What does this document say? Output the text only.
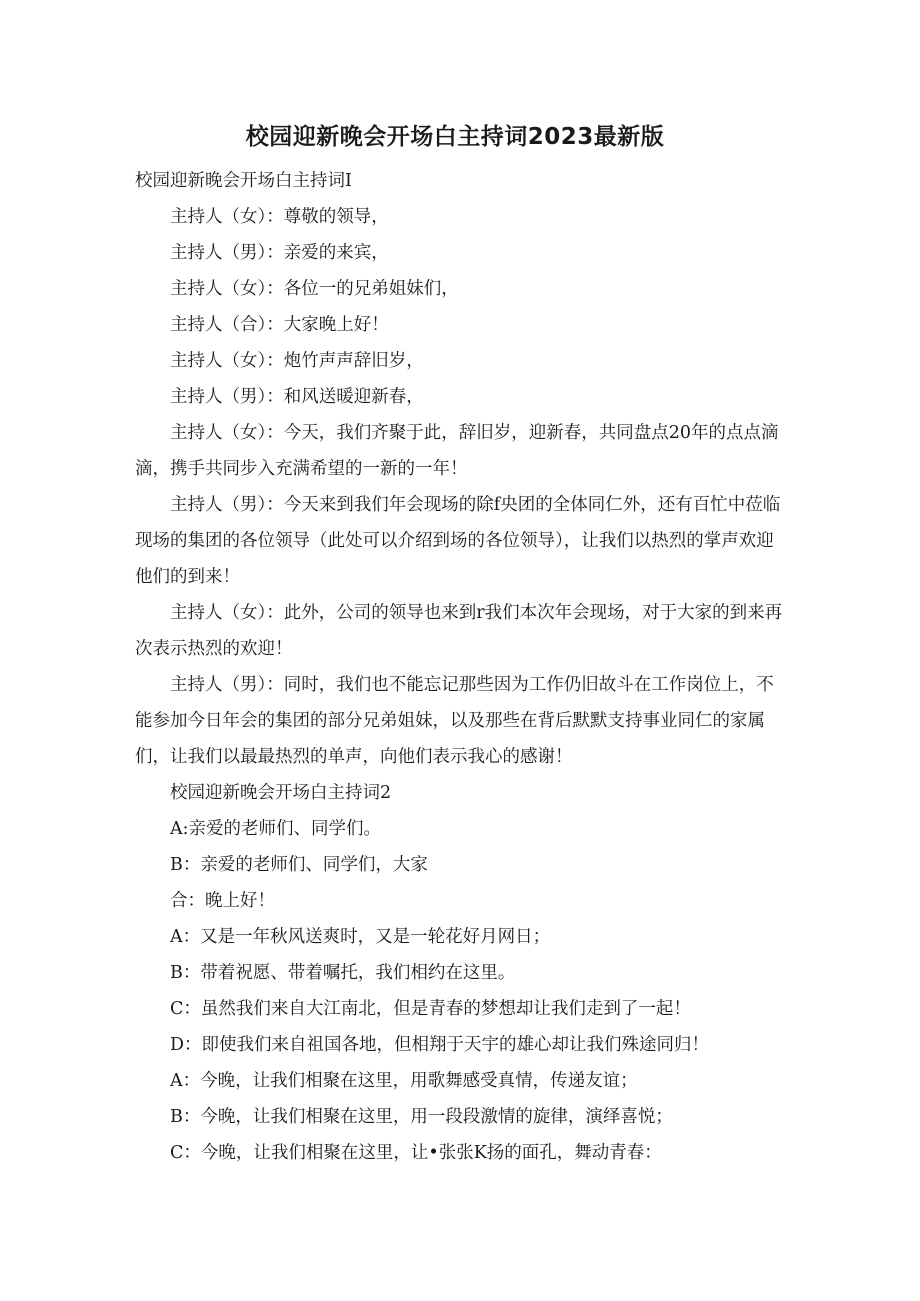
校园迎新晚会开场白主持词2023最新版

校园迎新晚会开场白主持词I

主持人（女）：尊敬的领导，

主持人（男）：亲爱的来宾，

主持人（女）：各位一的兄弟姐妹们，

主持人（合）：大家晚上好！

主持人（女）：炮竹声声辞旧岁，

主持人（男）：和风送暖迎新春，

主持人（女）：今天，我们齐聚于此，辞旧岁，迎新春，共同盘点20年的点点滴滴，携手共同步入充满希望的一新的一年！

主持人（男）：今天来到我们年会现场的除f央团的全体同仁外，还有百忙中莅临现场的集团的各位领导（此处可以介绍到场的各位领导），让我们以热烈的掌声欢迎他们的到来！

主持人（女）：此外，公司的领导也来到r我们本次年会现场，对于大家的到来再次表示热烈的欢迎！

主持人（男）：同时，我们也不能忘记那些因为工作仍旧故斗在工作岗位上，不能参加今日年会的集团的部分兄弟姐妹，以及那些在背后默默支持事业同仁的家属们，让我们以最最热烈的单声，向他们表示我心的感谢！

校园迎新晚会开场白主持词2

A:亲爱的老师们、同学们。

B：亲爱的老师们、同学们，大家

合：晚上好！

A：又是一年秋风送爽时，又是一轮花好月网日；

B：带着祝愿、带着嘱托，我们相约在这里。

C：虽然我们来自大江南北，但是青春的梦想却让我们走到了一起！

D：即使我们来自祖国各地，但相翔于天宇的雄心却让我们殊途同归！

A：今晚，让我们相聚在这里，用歌舞感受真情，传递友谊；

B：今晚，让我们相聚在这里，用一段段激情的旋律，演绎喜悦；

C：今晚，让我们相聚在这里，让•张张K扬的面孔，舞动青春：
